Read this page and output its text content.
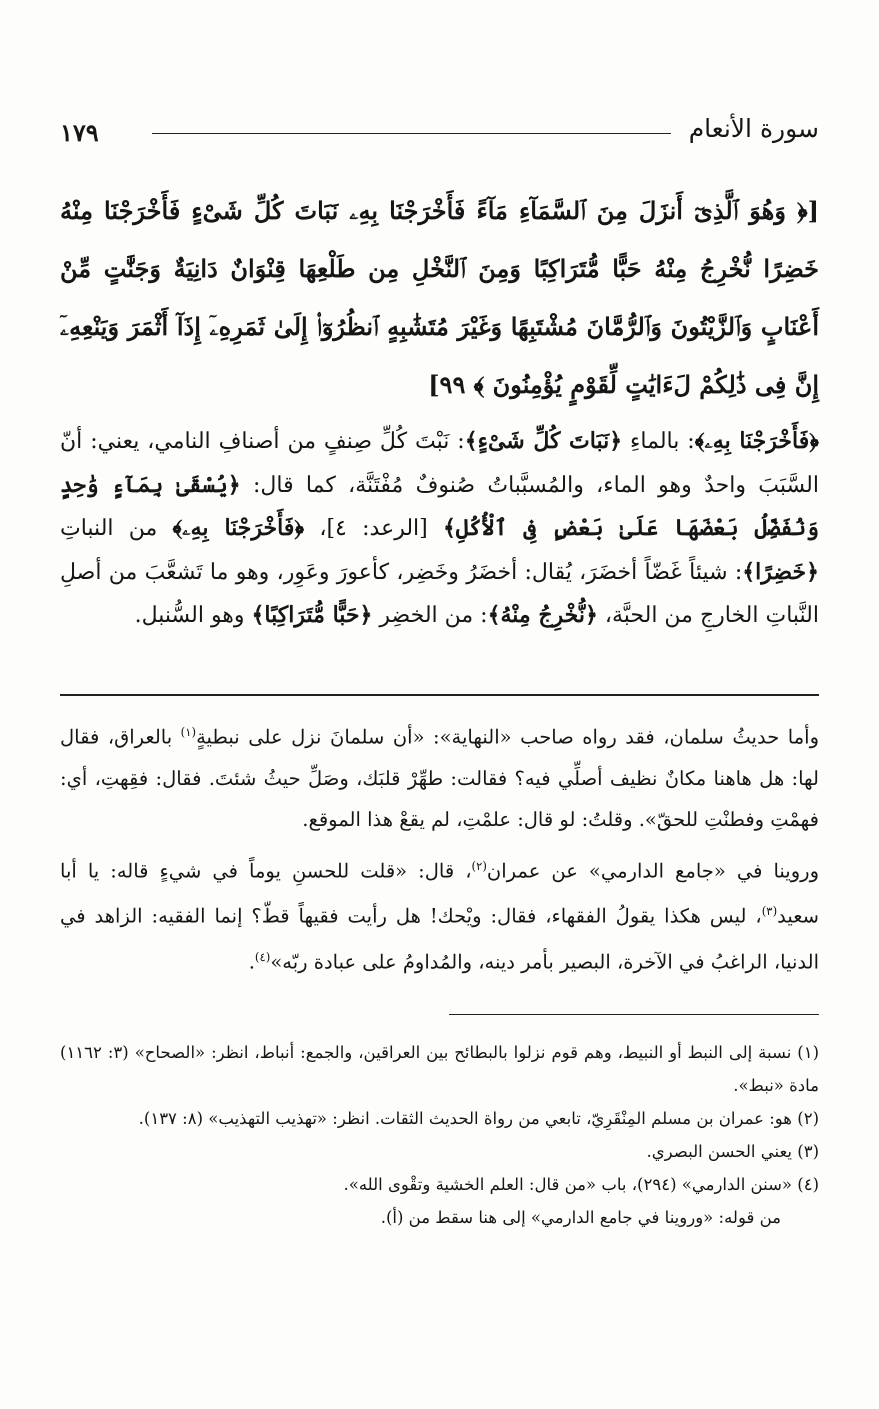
١٧٩	سورة الأنعام
[﴿ وَهُوَ ٱلَّذِىٓ أَنزَلَ مِنَ ٱلسَّمَآءِ مَآءً فَأَخْرَجْنَا بِهِۦ نَبَاتَ كُلِّ شَىْءٍ فَأَخْرَجْنَا مِنْهُ خَضِرًا نُّخْرِجُ مِنْهُ حَبًّا مُّتَرَاكِبًا وَمِنَ ٱلنَّخْلِ مِن طَلْعِهَا قِنْوَانٌ دَانِيَةٌ وَجَنَّٰتٍ مِّنْ أَعْنَابٍ وَٱلزَّيْتُونَ وَٱلرُّمَّانَ مُشْتَبِهًا وَغَيْرَ مُتَشَٰبِهٍ ٱنظُرُوٓا۟ إِلَىٰ ثَمَرِهِۦٓ إِذَآ أَثْمَرَ وَيَنْعِهِۦٓ إِنَّ فِى ذَٰلِكُمْ لَءَايَٰتٍ لِّقَوْمٍ يُؤْمِنُونَ ﴾ ٩٩]
﴿فَأَخْرَجْنَا بِهِۦ﴾: بالماءِ ﴿نَبَاتَ كُلِّ شَىْءٍ﴾: نَبْتَ كُلِّ صِنفٍ من أصنافِ النامي، يعني: أنّ السَّبَبَ واحدٌ وهو الماء، والمُسبَّباتُ صُنوفٌ مُفْتَنَّة، كما قال: ﴿يُسْقَىٰ بِمَآءٍ وَٰحِدٍ وَنُفَضِّلُ بَعْضَهَا عَلَىٰ بَعْضٍ فِى ٱلْأُكُلِ﴾ [الرعد: ٤]، ﴿فَأَخْرَجْنَا بِهِۦ﴾ من النباتِ ﴿خَضِرًا﴾: شيئاً غَضّاً أخضَرَ، يُقال: أخضَرُ وخَضِر، كأعورَ وعَوِر، وهو ما تَشعَّبَ من أصلِ النَّباتِ الخارجِ من الحبَّة، ﴿نُّخْرِجُ مِنْهُ﴾: من الخضِر ﴿حَبًّا مُّتَرَاكِبًا﴾ وهو السُّنبل.

وأما حديثُ سلمان، فقد رواه صاحب «النهاية»: «أن سلمانَ نزل على نبطيةٍ$^{(١)}$ بالعراق، فقال لها: هل هاهنا مكانٌ نظيف أصلِّي فيه؟ فقالت: طهِّرْ قلبَك، وصَلِّ حيثُ شئتَ. فقال: فقِهتِ، أي: فهمْتِ وفطنْتِ للحقّ». وقلتُ: لو قال: علمْتِ، لم يقعْ هذا الموقع.

وروينا في «جامع الدارمي» عن عمران$^{(٢)}$، قال: «قلت للحسنِ يوماً في شيءٍ قاله: يا أبا سعيد$^{(٣)}$، ليس هكذا يقولُ الفقهاء، فقال: ويْحك! هل رأيت فقيهاً قطّ؟ إنما الفقيه: الزاهد في الدنيا، الراغبُ في الآخرة، البصير بأمر دينه، والمُداومُ على عبادة ربّه»$^{(٤)}$.

(١) نسبة إلى النبط أو النبيط، وهم قوم نزلوا بالبطائح بين العراقين، والجمع: أنباط، انظر: «الصحاح» (٣: ١١٦٢) مادة «نبط».

(٢) هو: عمران بن مسلم المِنْقَرِيّ، تابعي من رواة الحديث الثقات. انظر: «تهذيب التهذيب» (٨: ١٣٧).

(٣) يعني الحسن البصري.

(٤) «سنن الدارمي» (٢٩٤)، باب «من قال: العلم الخشية وتقْوى الله».

من قوله: «وروينا في جامع الدارمي» إلى هنا سقط من (أ).
